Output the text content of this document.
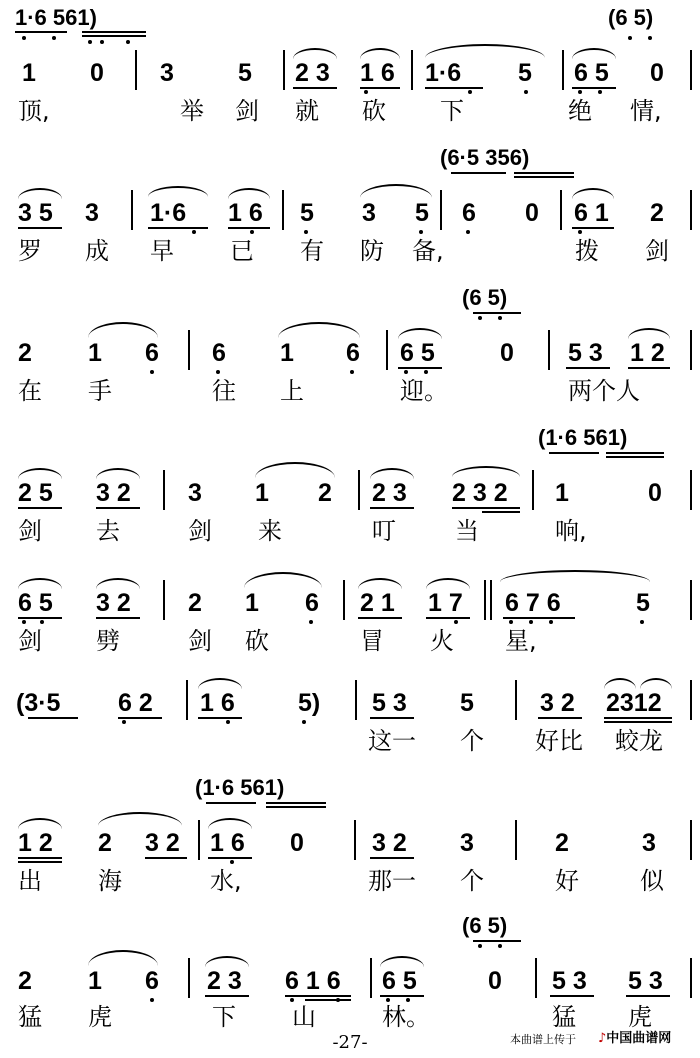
1·6 561)	(6 5)
1 0 3	5 2 3 1 6 1·6 5 6 5 0
顶,	举 剑 就 砍 下	绝 情,
(6·5 356)
3 5 3 1·6 1 6 5 3 5 6 0 6 1 2
罗 成 早 已 有 防 备,	拨 剑
(6 5)
2 1 6 6 1 6 6 5	0 5 3 1 2
在 手	往 上	迎。	两个人
(1·6 561)
2 5 3 2 3 1 2 2 3 2 3 2 1	0
剑 去	剑 来	叮 当	响,
6 5 3 2 2 1 6 2 1 1 7 6 7 6	5
剑 劈	剑 砍	冒 火 星,
(3·5 6 2 1 6	5) 5 3 5	3 2 2312
这一 个 好比 蛟龙
(1·6 561)
1 2 2 3 2 1 6 0	3 2 3	2	3
出 海	水,	那一 个	好	似
(6 5)
2 1 6 2 3 6 1 6 6 5	0 5 3 5 3
猛 虎	下 山	林。	猛 虎
-27-	本曲谱上传于 ♪中国曲谱网
